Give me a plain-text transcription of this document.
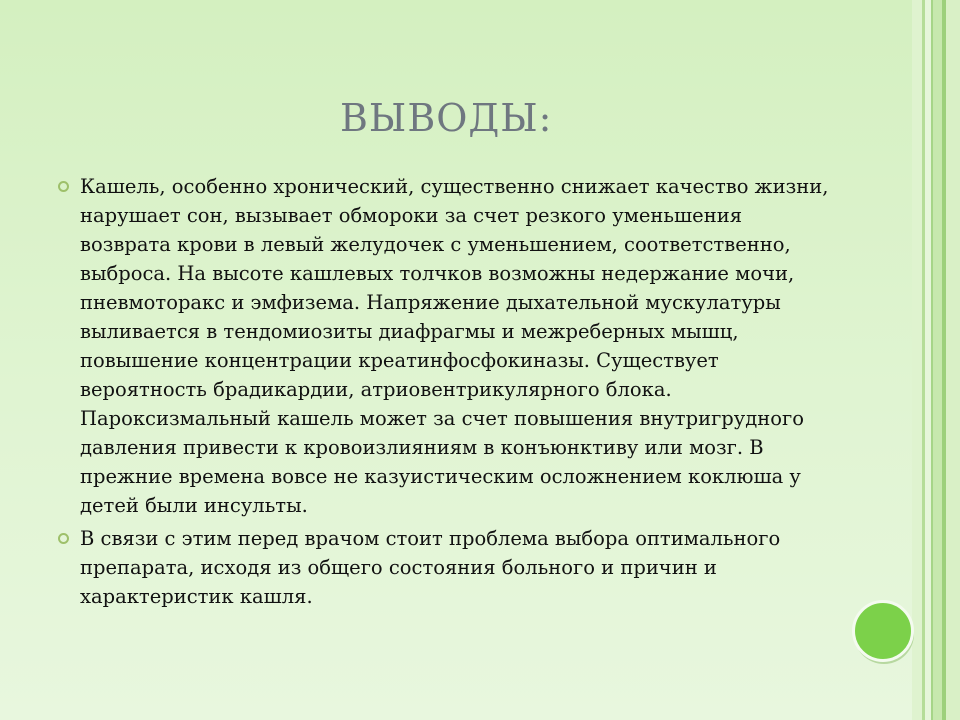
ВЫВОДЫ:

Кашель, особенно хронический, существенно снижает качество жизни, нарушает сон, вызывает обмороки за счет резкого уменьшения возврата крови в левый желудочек с уменьшением, соответственно, выброса. На высоте кашлевых толчков возможны недержание мочи, пневмоторакс и эмфизема. Напряжение дыхательной мускулатуры выливается в тендомиозиты диафрагмы и межреберных мышц, повышение концентрации креатинфосфокиназы. Существует вероятность брадикардии, атриовентрикулярного блока. Пароксизмальный кашель может за счет повышения внутригрудного давления привести к кровоизлияниям в конъюнктиву или мозг. В прежние времена вовсе не казуистическим осложнением коклюша у детей были инсульты.

В связи с этим перед врачом стоит проблема выбора оптимального препарата, исходя из общего состояния больного и причин и характеристик кашля.
